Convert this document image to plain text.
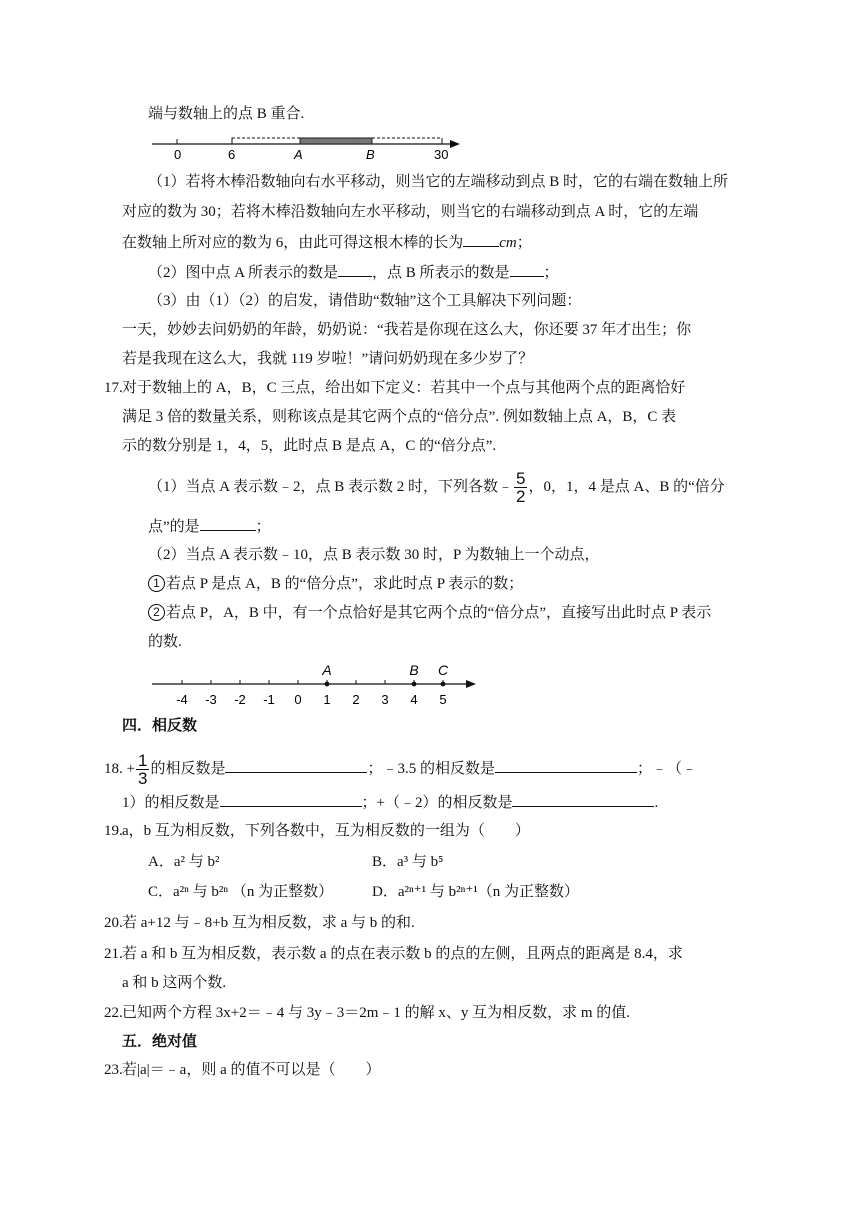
端与数轴上的点 B 重合.
0	6	A	B	30
（1）若将木棒沿数轴向右水平移动，则当它的左端移动到点 B 时，它的右端在数轴上所
对应的数为 30；若将木棒沿数轴向左水平移动，则当它的右端移动到点 A 时，它的左端
在数轴上所对应的数为 6，由此可得这根木棒的长为 cm；
（2）图中点 A 所表示的数是 ，点 B 所表示的数是 ；
（3）由（1）（2）的启发，请借助“数轴”这个工具解决下列问题：
一天，妙妙去问奶奶的年龄，奶奶说：“我若是你现在这么大，你还要 37 年才出生；你
若是我现在这么大，我就 119 岁啦！”请问奶奶现在多少岁了？
17. 对于数轴上的 A，B，C 三点，给出如下定义：若其中一个点与其他两个点的距离恰好
满足 3 倍的数量关系，则称该点是其它两个点的“倍分点”. 例如数轴上点 A，B，C 表
示的数分别是 1，4，5，此时点 B 是点 A，C 的“倍分点”.
（1）当点 A 表示数﹣2，点 B 表示数 2 时，下列各数﹣ $\frac{5}{2}$ ，0，1，4 是点 A、B 的“倍分
点”的是	；
（2）当点 A 表示数﹣10，点 B 表示数 30 时，P 为数轴上一个动点，
1 若点 P 是点 A，B 的“倍分点”，求此时点 P 表示的数；
2 若点 P，A，B 中，有一个点恰好是其它两个点的“倍分点”，直接写出此时点 P 表示
的数.
-4 -3 -2 -1 0 1 2 3 4 5
A	B C
四．相反数
18. + $\frac{1}{3}$ 的相反数是	；﹣3.5 的相反数是	；﹣（﹣
1）的相反数是	；+（﹣2）的相反数是	.
19. a，b 互为相反数，下列各数中，互为相反数的一组为（　　）
A．a² 与 b²	B．a³ 与 b⁵
C．a²ⁿ 与 b²ⁿ （n 为正整数）	D．a²ⁿ⁺¹ 与 b²ⁿ⁺¹（n 为正整数）
20. 若 a+12 与﹣8+b 互为相反数，求 a 与 b 的和.
21. 若 a 和 b 互为相反数，表示数 a 的点在表示数 b 的点的左侧，且两点的距离是 8.4，求
a 和 b 这两个数.
22. 已知两个方程 3x+2＝﹣4 与 3y﹣3＝2m﹣1 的解 x、y 互为相反数，求 m 的值.
五．绝对值
23. 若|a|＝﹣a，则 a 的值不可以是（　　）
